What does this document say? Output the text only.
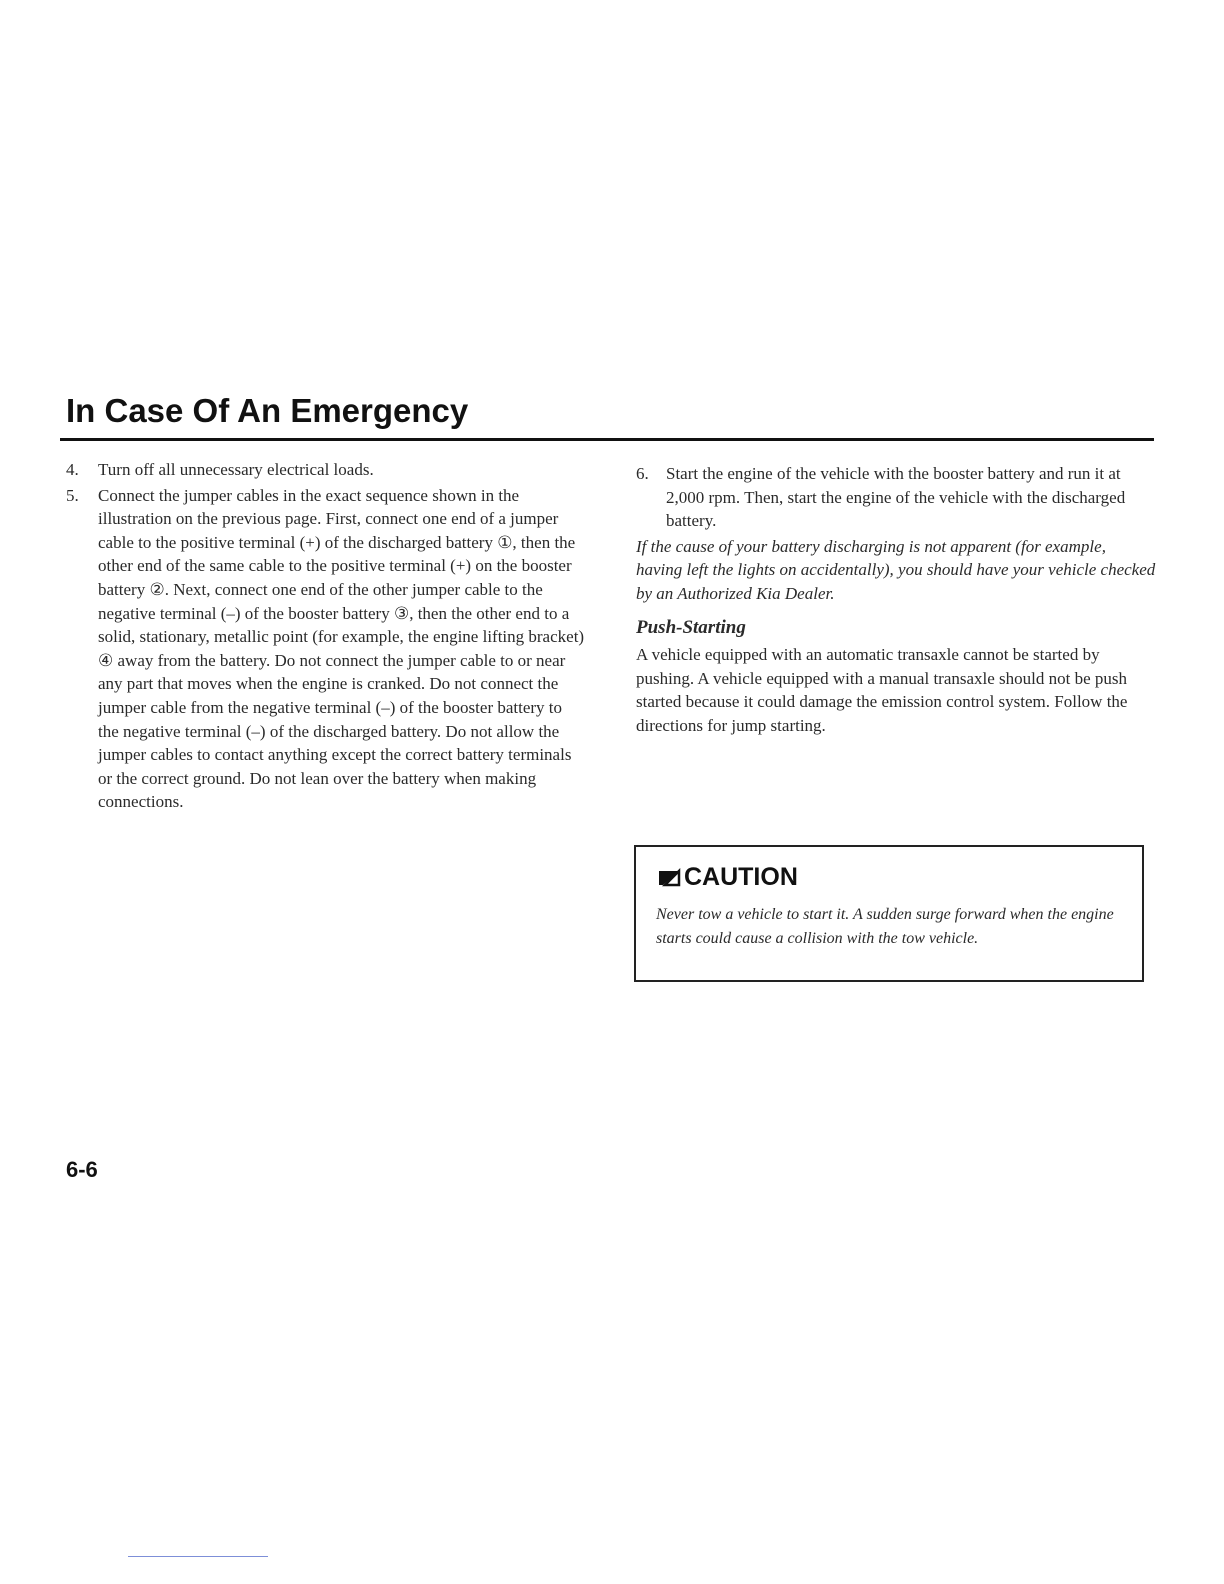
In Case Of An Emergency
4. Turn off all unnecessary electrical loads.
5. Connect the jumper cables in the exact sequence shown in the illustration on the previous page. First, connect one end of a jumper cable to the positive terminal (+) of the discharged battery ①, then the other end of the same cable to the positive terminal (+) on the booster battery ②. Next, connect one end of the other jumper cable to the negative terminal (–) of the booster battery ③, then the other end to a solid, stationary, metallic point (for example, the engine lifting bracket) ④ away from the battery. Do not connect the jumper cable to or near any part that moves when the engine is cranked. Do not connect the jumper cable from the negative terminal (–) of the booster battery to the negative terminal (–) of the discharged battery. Do not allow the jumper cables to contact anything except the correct battery terminals or the correct ground. Do not lean over the battery when making connections.
6. Start the engine of the vehicle with the booster battery and run it at 2,000 rpm. Then, start the engine of the vehicle with the discharged battery.

If the cause of your battery discharging is not apparent (for example, having left the lights on accidentally), you should have your vehicle checked by an Authorized Kia Dealer.

Push-Starting

A vehicle equipped with an automatic transaxle cannot be started by pushing. A vehicle equipped with a manual transaxle should not be push started because it could damage the emission control system. Follow the directions for jump starting.

CAUTION
Never tow a vehicle to start it. A sudden surge forward when the engine starts could cause a collision with the tow vehicle.
6-6
